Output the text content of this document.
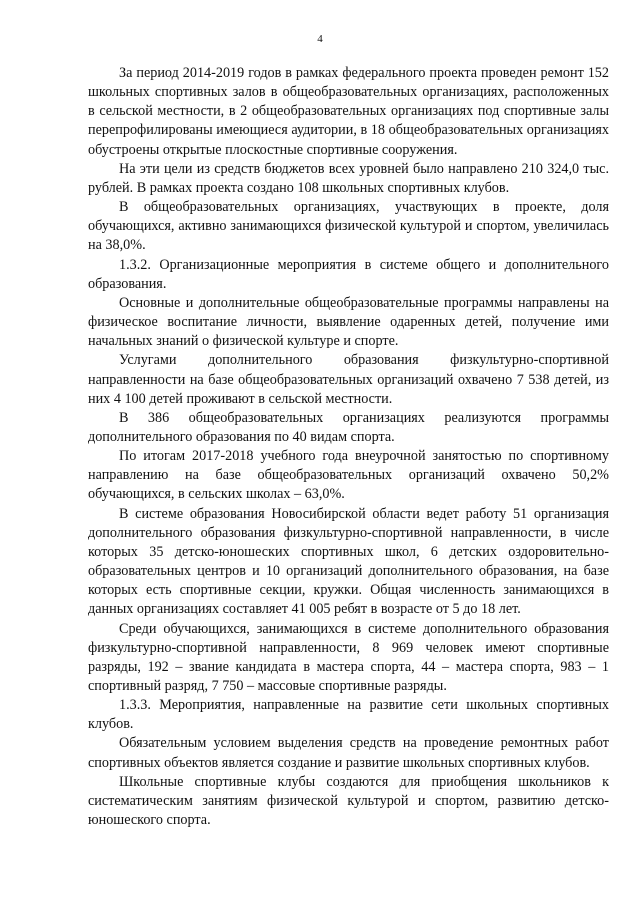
4

За период 2014-2019 годов в рамках федерального проекта проведен ремонт 152 школьных спортивных залов в общеобразовательных организациях, расположенных в сельской местности, в 2 общеобразовательных организациях под спортивные залы перепрофилированы имеющиеся аудитории, в 18 общеобразовательных организациях обустроены открытые плоскостные спортивные сооружения.

На эти цели из средств бюджетов всех уровней было направлено 210 324,0 тыс. рублей. В рамках проекта создано 108 школьных спортивных клубов.

В общеобразовательных организациях, участвующих в проекте, доля обучающихся, активно занимающихся физической культурой и спортом, увеличилась на 38,0%.

1.3.2. Организационные мероприятия в системе общего и дополнительного образования.

Основные и дополнительные общеобразовательные программы направлены на физическое воспитание личности, выявление одаренных детей, получение ими начальных знаний о физической культуре и спорте.

Услугами дополнительного образования физкультурно-спортивной направленности на базе общеобразовательных организаций охвачено 7 538 детей, из них 4 100 детей проживают в сельской местности.

В 386 общеобразовательных организациях реализуются программы дополнительного образования по 40 видам спорта.

По итогам 2017-2018 учебного года внеурочной занятостью по спортивному направлению на базе общеобразовательных организаций охвачено 50,2% обучающихся, в сельских школах – 63,0%.

В системе образования Новосибирской области ведет работу 51 организация дополнительного образования физкультурно-спортивной направленности, в числе которых 35 детско-юношеских спортивных школ, 6 детских оздоровительно-образовательных центров и 10 организаций дополнительного образования, на базе которых есть спортивные секции, кружки. Общая численность занимающихся в данных организациях составляет 41 005 ребят в возрасте от 5 до 18 лет.

Среди обучающихся, занимающихся в системе дополнительного образования физкультурно-спортивной направленности, 8 969 человек имеют спортивные разряды, 192 – звание кандидата в мастера спорта, 44 – мастера спорта, 983 – 1 спортивный разряд, 7 750 – массовые спортивные разряды.

1.3.3. Мероприятия, направленные на развитие сети школьных спортивных клубов.

Обязательным условием выделения средств на проведение ремонтных работ спортивных объектов является создание и развитие школьных спортивных клубов.

Школьные спортивные клубы создаются для приобщения школьников к систематическим занятиям физической культурой и спортом, развитию детско-юношеского спорта.
